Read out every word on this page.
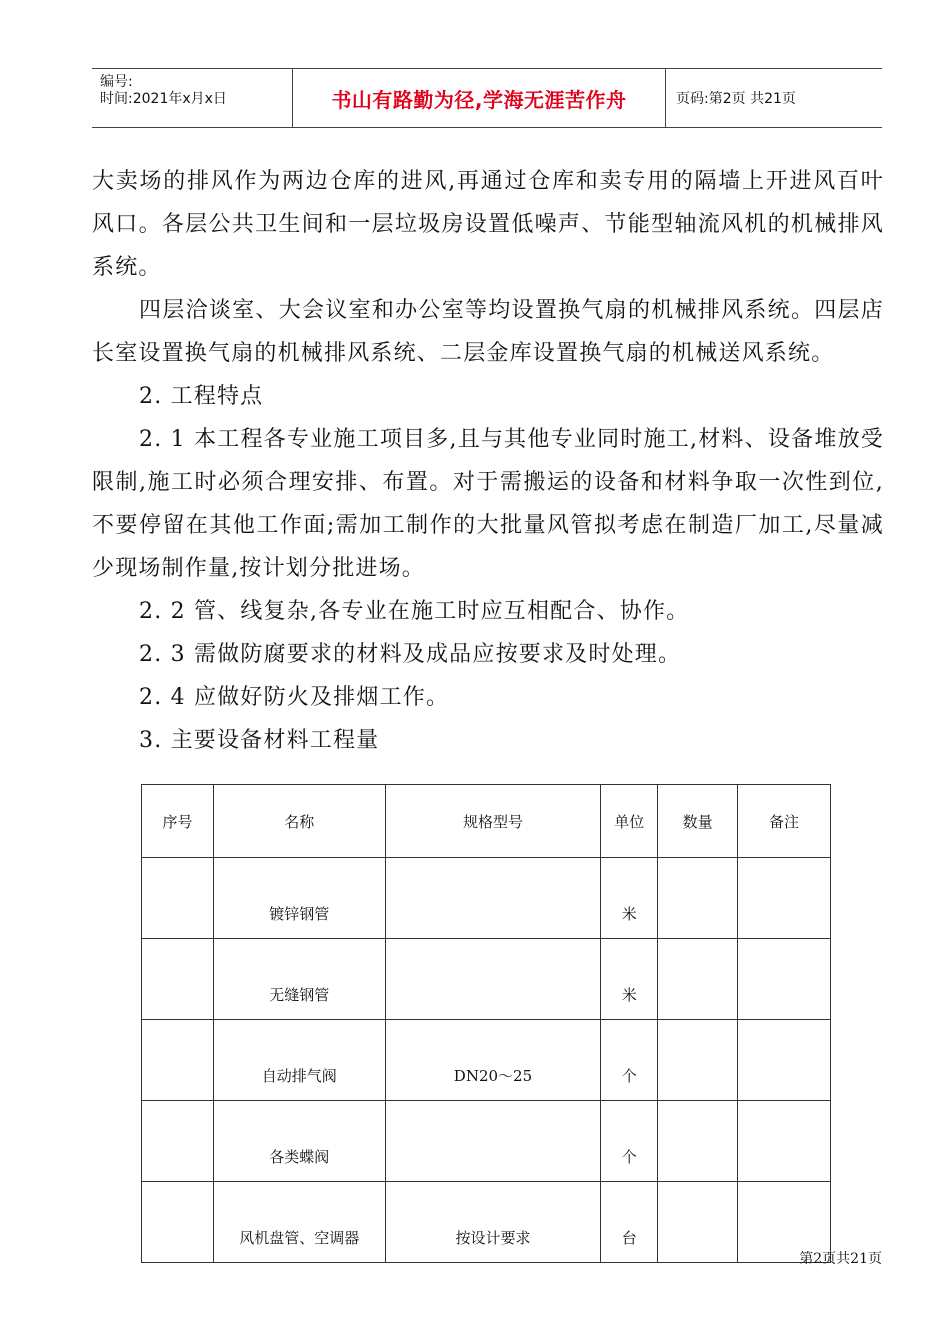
编号:
时间:2021年x月x日	书山有路勤为径,学海无涯苦作舟	页码:第2页 共21页

大卖场的排风作为两边仓库的进风,再通过仓库和卖专用的隔墙上开进风百叶风口。各层公共卫生间和一层垃圾房设置低噪声、节能型轴流风机的机械排风系统。

四层洽谈室、大会议室和办公室等均设置换气扇的机械排风系统。四层店长室设置换气扇的机械排风系统、二层金库设置换气扇的机械送风系统。

2. 工程特点

2. 1 本工程各专业施工项目多,且与其他专业同时施工,材料、设备堆放受限制,施工时必须合理安排、布置。对于需搬运的设备和材料争取一次性到位,不要停留在其他工作面;需加工制作的大批量风管拟考虑在制造厂加工,尽量减少现场制作量,按计划分批进场。

2. 2 管、线复杂,各专业在施工时应互相配合、协作。

2. 3 需做防腐要求的材料及成品应按要求及时处理。

2. 4 应做好防火及排烟工作。

3. 主要设备材料工程量

序号	名称	规格型号	单位	数量	备注
	镀锌钢管		米		
	无缝钢管		米		
	自动排气阀	DN20～25	个		
	各类蝶阀		个		
	风机盘管、空调器	按设计要求	台		
第2页共21页
